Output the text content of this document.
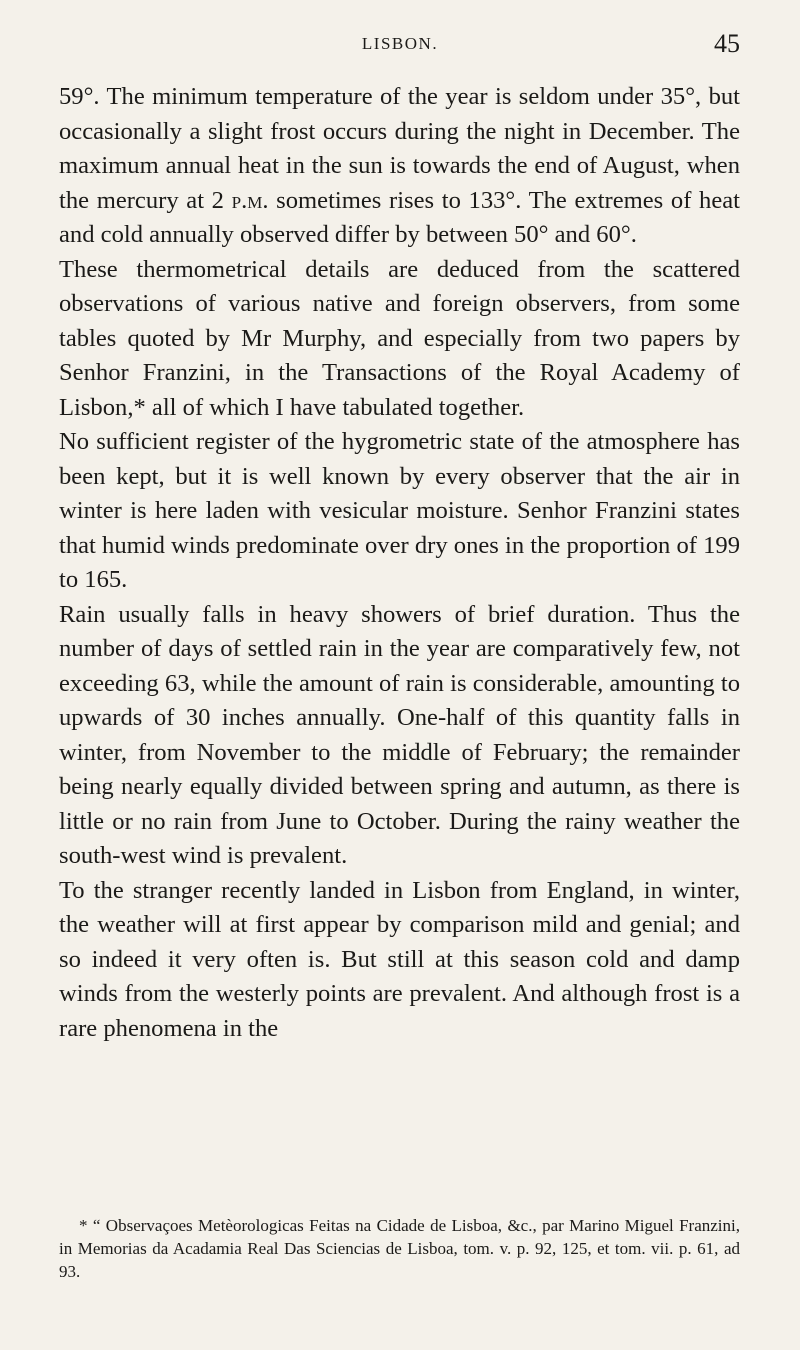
LISBON.	45

59°. The minimum temperature of the year is seldom under 35°, but occasionally a slight frost occurs during the night in December. The maximum annual heat in the sun is towards the end of August, when the mercury at 2 p.m. sometimes rises to 133°. The extremes of heat and cold annually observed differ by between 50° and 60°.

These thermometrical details are deduced from the scattered observations of various native and foreign observers, from some tables quoted by Mr Murphy, and especially from two papers by Senhor Franzini, in the Transactions of the Royal Academy of Lisbon,* all of which I have tabulated together.

No sufficient register of the hygrometric state of the atmosphere has been kept, but it is well known by every observer that the air in winter is here laden with vesicular moisture. Senhor Franzini states that humid winds predominate over dry ones in the proportion of 199 to 165.

Rain usually falls in heavy showers of brief duration. Thus the number of days of settled rain in the year are comparatively few, not exceeding 63, while the amount of rain is considerable, amounting to upwards of 30 inches annually. One-half of this quantity falls in winter, from November to the middle of February; the remainder being nearly equally divided between spring and autumn, as there is little or no rain from June to October. During the rainy weather the south-west wind is prevalent.

To the stranger recently landed in Lisbon from England, in winter, the weather will at first appear by comparison mild and genial; and so indeed it very often is. But still at this season cold and damp winds from the westerly points are prevalent. And although frost is a rare phenomena in the

* “ Observaçoes Metèorologicas Feitas na Cidade de Lisboa, &c., par Marino Miguel Franzini, in Memorias da Acadamia Real Das Sciencias de Lisboa, tom. v. p. 92, 125, et tom. vii. p. 61, ad 93.
